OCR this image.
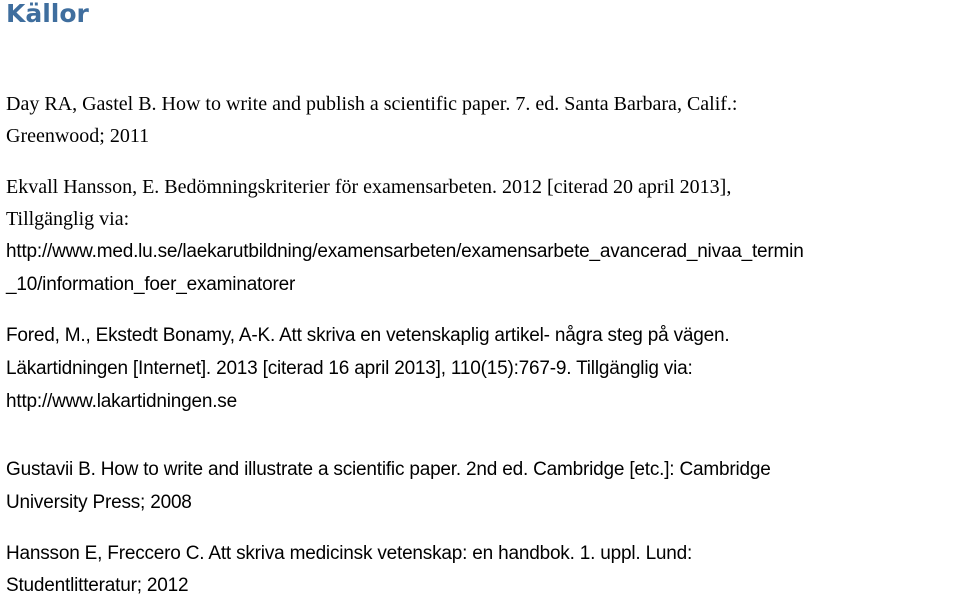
Källor

Day RA, Gastel B. How to write and publish a scientific paper. 7. ed. Santa Barbara, Calif.:

Greenwood; 2011

Ekvall Hansson, E. Bedömningskriterier för examensarbeten. 2012 [citerad 20 april 2013],

Tillgänglig via:

http://www.med.lu.se/laekarutbildning/examensarbeten/examensarbete_avancerad_nivaa_termin

_10/information_foer_examinatorer

Fored, M., Ekstedt Bonamy, A-K. Att skriva en vetenskaplig artikel- några steg på vägen.

Läkartidningen [Internet]. 2013 [citerad 16 april 2013], 110(15):767-9. Tillgänglig via:

http://www.lakartidningen.se

Gustavii B. How to write and illustrate a scientific paper. 2nd ed. Cambridge [etc.]: Cambridge

University Press; 2008

Hansson E, Freccero C. Att skriva medicinsk vetenskap: en handbok. 1. uppl. Lund:

Studentlitteratur; 2012
